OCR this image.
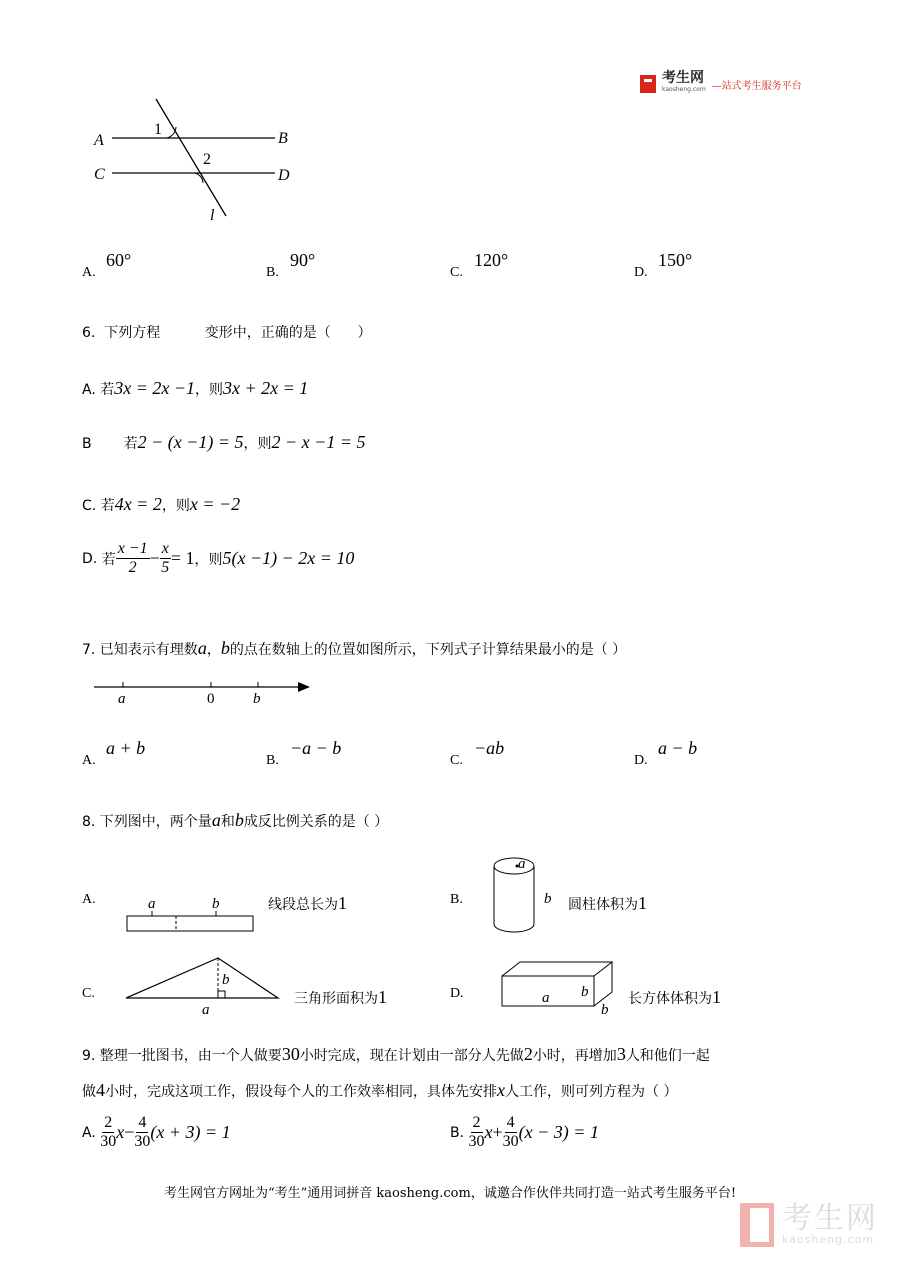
考生网
kaosheng.com —站式考生服务平台
A	B
C	D
1
2
l
A.
60°
B.
90°
C.
120°
D.
150°
6.  下列方程          变形中，正确的是（      ）
A. 若3x = 2x −1，则3x + 2x = 1
B 若2 − (x −1) = 5，则2 − x −1 = 5
C. 若4x = 2，则x = −2
D.
若 $\frac{x -1}{2} - \frac{x}{5} = 1$ ，则 5(x −1) − 2x = 10
7. 已知表示有理数a，b的点在数轴上的位置如图所示，下列式子计算结果最小的是（ ）
a	0	b
A.
a + b
B.
−a − b
C.
−ab
D.
a − b
8. 下列图中，两个量a和b成反比例关系的是（ ）
A.	a	b	线段总长为1	B.
a
b 圆柱体积为1
C.
b
a
三角形面积为1	D.	a b
b
长方体体积为1
9. 整理一批图书，由一个人做要30小时完成，现在计划由一部分人先做2小时，再增加3人和他们一起
做4小时，完成这项工作，假设每个人的工作效率相同，具体先安排x人工作，则可列方程为（ ）
A.
$\frac{2}{30}$ $x - \frac{4}{30} (x + 3) = 1$	B.
$\frac{2}{30}$ $x + \frac{4}{30} (x - 3) = 1$
考生网官方网址为“考生”通用词拼音 kaosheng.com，诚邀合作伙伴共同打造一站式考生服务平台!
考生网
kaosheng.com
